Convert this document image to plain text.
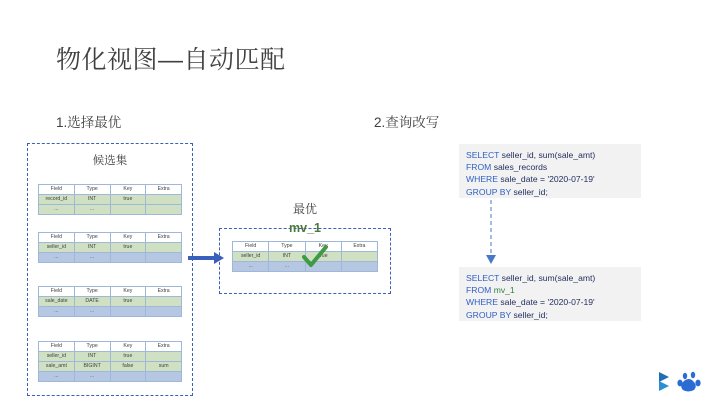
物化视图—自动匹配
1.选择最优	2.查询改写
候选集
Field	Type	Key	Extra
record_id	INT	true	
...	...		
Field	Type	Key	Extra
seller_id	INT	true	
...	...		
Field	Type	Key	Extra
sale_date	DATE	true	
...	...		
Field	Type	Key	Extra
seller_id	INT	true	
sale_amt	BIGINT	false	sum
...	...		
最优
mv_1
Field	Type	Key	Extra
seller_id	INT	true	
...	...		
SELECT seller_id, sum(sale_amt)
FROM sales_records
WHERE sale_date = '2020-07-19'
GROUP BY seller_id;
SELECT seller_id, sum(sale_amt)
FROM mv_1
WHERE sale_date = '2020-07-19'
GROUP BY seller_id;
